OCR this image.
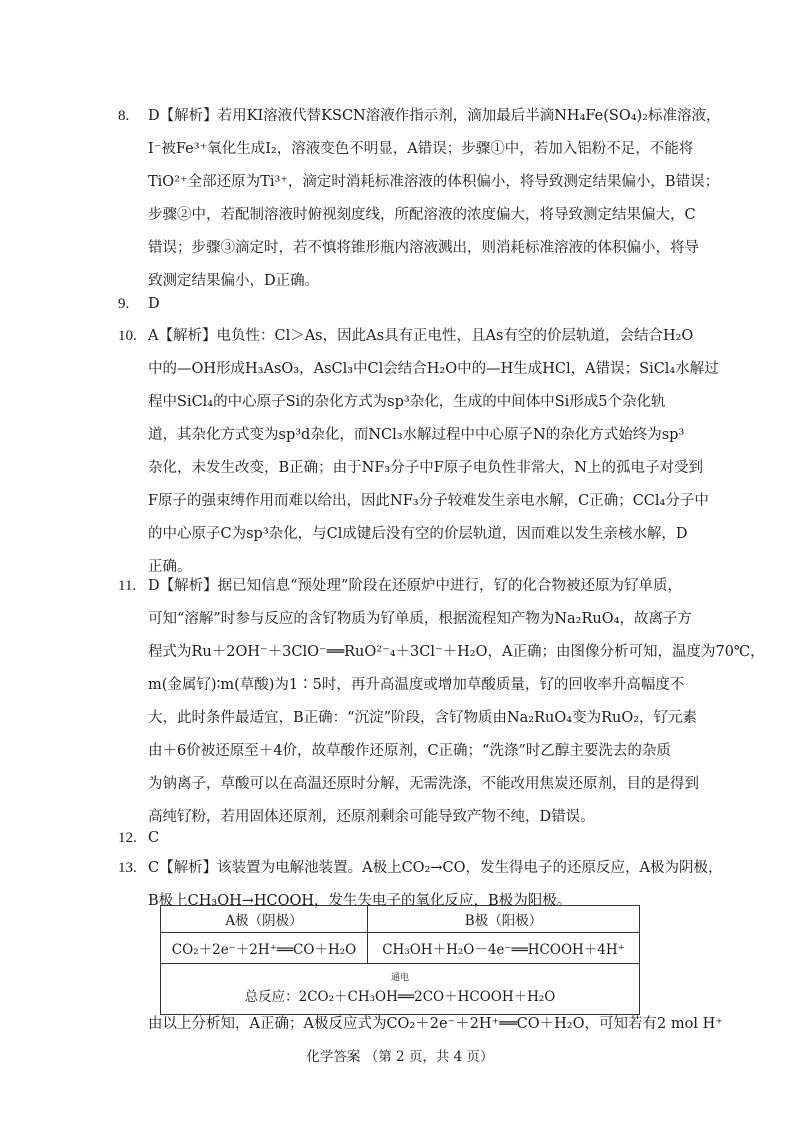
8. D【解析】若用KI溶液代替KSCN溶液作指示剂，滴加最后半滴NH₄Fe(SO₄)₂标准溶液，
I⁻被Fe³⁺氧化生成I₂，溶液变色不明显，A错误；步骤①中，若加入铝粉不足，不能将
TiO²⁺全部还原为Ti³⁺，滴定时消耗标准溶液的体积偏小，将导致测定结果偏小，B错误；
步骤②中，若配制溶液时俯视刻度线，所配溶液的浓度偏大，将导致测定结果偏大，C
错误；步骤③滴定时，若不慎将锥形瓶内溶液溅出，则消耗标准溶液的体积偏小，将导
致测定结果偏小，D正确。
9. D
10. A【解析】电负性：Cl＞As，因此As具有正电性，且As有空的价层轨道，会结合H₂O
中的—OH形成H₃AsO₃，AsCl₃中Cl会结合H₂O中的—H生成HCl，A错误；SiCl₄水解过
程中SiCl₄的中心原子Si的杂化方式为sp³杂化，生成的中间体中Si形成5个杂化轨
道，其杂化方式变为sp³d杂化，而NCl₃水解过程中中心原子N的杂化方式始终为sp³
杂化，未发生改变，B正确；由于NF₃分子中F原子电负性非常大，N上的孤电子对受到
F原子的强束缚作用而难以给出，因此NF₃分子较难发生亲电水解，C正确；CCl₄分子中
的中心原子C为sp³杂化，与Cl成键后没有空的价层轨道，因而难以发生亲核水解，D
正确。
11. D【解析】据已知信息“预处理”阶段在还原炉中进行，钌的化合物被还原为钌单质，
可知“溶解”时参与反应的含钌物质为钌单质，根据流程知产物为Na₂RuO₄，故离子方
程式为Ru＋2OH⁻＋3ClO⁻══RuO²⁻₄＋3Cl⁻＋H₂O，A正确；由图像分析可知，温度为70℃，
m(金属钌)∶m(草酸)为1∶5时，再升高温度或增加草酸质量，钌的回收率升高幅度不
大，此时条件最适宜，B正确：“沉淀”阶段，含钌物质由Na₂RuO₄变为RuO₂，钌元素
由＋6价被还原至＋4价，故草酸作还原剂，C正确；“洗涤”时乙醇主要洗去的杂质
为钠离子，草酸可以在高温还原时分解，无需洗涤，不能改用焦炭还原剂，目的是得到
高纯钌粉，若用固体还原剂，还原剂剩余可能导致产物不纯，D错误。
12. C
13. C【解析】该装置为电解池装置。A极上CO₂→CO，发生得电子的还原反应，A极为阴极，
B极上CH₃OH→HCOOH，发生失电子的氧化反应，B极为阳极。
A极（阴极）	B极（阳极）
CO₂＋2e⁻＋2H⁺══CO＋H₂O	CH₃OH＋H₂O－4e⁻══HCOOH＋4H⁺

通电
总反应：2CO₂＋CH₃OH══2CO＋HCOOH＋H₂O	
由以上分析知，A正确；A极反应式为CO₂＋2e⁻＋2H⁺══CO＋H₂O，可知若有2 mol H⁺
化学答案 （第 2 页，共 4 页）
